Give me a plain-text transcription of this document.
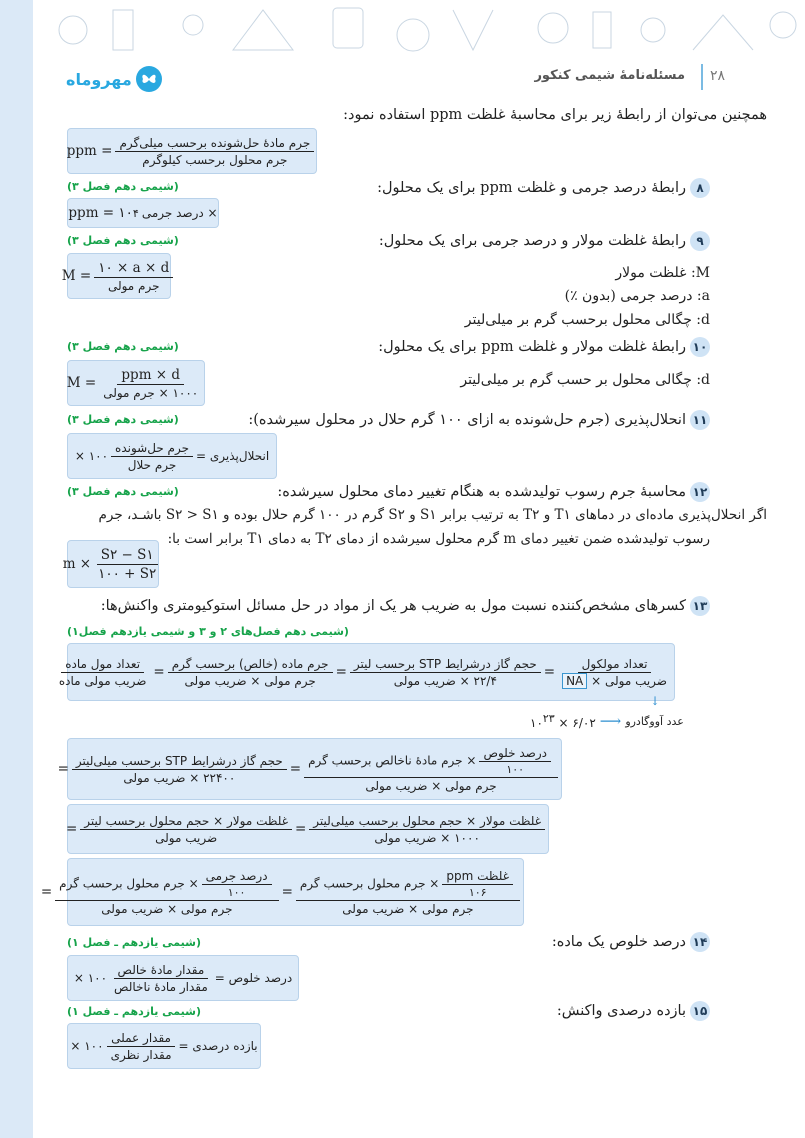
مهروماه	مسئله‌نامهٔ شیمی کنکور ۲۸
همچنین می‌توان از رابطهٔ زیر برای محاسبهٔ غلظت ppm استفاده نمود:
ppm = $\frac{\text{جرم مادهٔ حل‌شونده برحسب میلی‌گرم}}{\text{جرم محلول برحسب کیلوگرم}}$
۸رابطهٔ درصد جرمی و غلظت ppm برای یک محلول:
(شیمی دهم فصل ۳)
ppm = ۱۰ ۴ × درصد جرمی
۹رابطهٔ غلظت مولار و درصد جرمی برای یک محلول:
(شیمی دهم فصل ۳)
$M = \frac{۱۰ \times a \times d}{\text{جرم مولی}}$	M: غلظت مولار
a: درصد جرمی (بدون ٪)
d: چگالی محلول برحسب گرم بر میلی‌لیتر
۱۰رابطهٔ غلظت مولار و غلظت ppm برای یک محلول:
(شیمی دهم فصل ۳)
$M = \frac{\text{ppm × d}}{\text{۱۰۰۰ × جرم مولی}}$	d: چگالی محلول بر حسب گرم بر میلی‌لیتر
۱۱انحلال‌پذیری (جرم حل‌شونده به ازای ۱۰۰ گرم حلال در محلول سیرشده):
(شیمی دهم فصل ۳)
انحلال‌پذیری =
$\frac{\text{جرم حل‌شونده}}{\text{جرم حلال}}$
۱۰۰ ×
۱۲محاسبهٔ جرم رسوب تولیدشده به هنگام تغییر دمای محلول سیرشده:
(شیمی دهم فصل ۳)
اگر انحلال‌پذیری ماده‌ای در دماهای T۱ و T۲ به ترتیب برابر S۱ و S۲ گرم در ۱۰۰ گرم حلال بوده و S۲ > S۱ باشـد، جرم
رسوب تولیدشده ضمن تغییر دمای m گرم محلول سیرشده از دمای T۲ به دمای T۱ برابر است با:
$m \times \frac{S۲ - S۱}{۱۰۰ + S۲}$
۱۳کسرهای مشخص‌کننده نسبت مول به ضریب هر یک از مواد در حل مسائل استوکیومتری واکنش‌ها:
(شیمی دهم فصل‌های ۲ و ۳ و شیمی یازدهم فصل۱)
$\frac{\text{تعداد مولکول}}{\text{ضریب مولی × NA}}$
=
$\frac{\text{حجم گاز درشرایط STP برحسب لیتر}}{\text{۲۲/۴ × ضریب مولی}}$
=
$\frac{\text{جرم ماده (خالص) برحسب گرم}}{\text{جرم مولی × ضریب مولی}}$
=
$\frac{\text{تعداد مول ماده}}{\text{ضریب مولی ماده}}$
↓
عدد آووگادرو
⟶
۶/۰۲ × $۱۰^{۲۳}$
$\frac{\text{درصد خلوص}}{۱۰۰}$
× جرم مادهٔ ناخالص برحسب گرم
جرم مولی × ضریب مولی
=
$\frac{\text{حجم گاز درشرایط STP برحسب میلی‌لیتر}}{\text{۲۲۴۰۰ × ضریب مولی}}$
=
$\frac{\text{غلظت مولار × حجم محلول برحسب میلی‌لیتر}}{\text{۱۰۰۰ × ضریب مولی}}$
=
$\frac{\text{غلظت مولار × حجم محلول برحسب لیتر}}{\text{ضریب مولی}}$
=
$\frac{\text{غلظت ppm}}{۱۰۶}$
× جرم محلول برحسب گرم
جرم مولی × ضریب مولی
=
$\frac{\text{درصد جرمی}}{۱۰۰}$
× جرم محلول برحسب گرم
جرم مولی × ضریب مولی
=
۱۴درصد خلوص یک ماده:
(شیمی یازدهم ـ فصل ۱)
درصد خلوص =
$\frac{\text{مقدار مادهٔ خالص}}{\text{مقدار مادهٔ ناخالص}}$
۱۰۰ ×
۱۵بازده درصدی واکنش:
(شیمی یازدهم ـ فصل ۱)
بازده درصدی =
$\frac{\text{مقدار عملی}}{\text{مقدار نظری}}$
۱۰۰ ×
